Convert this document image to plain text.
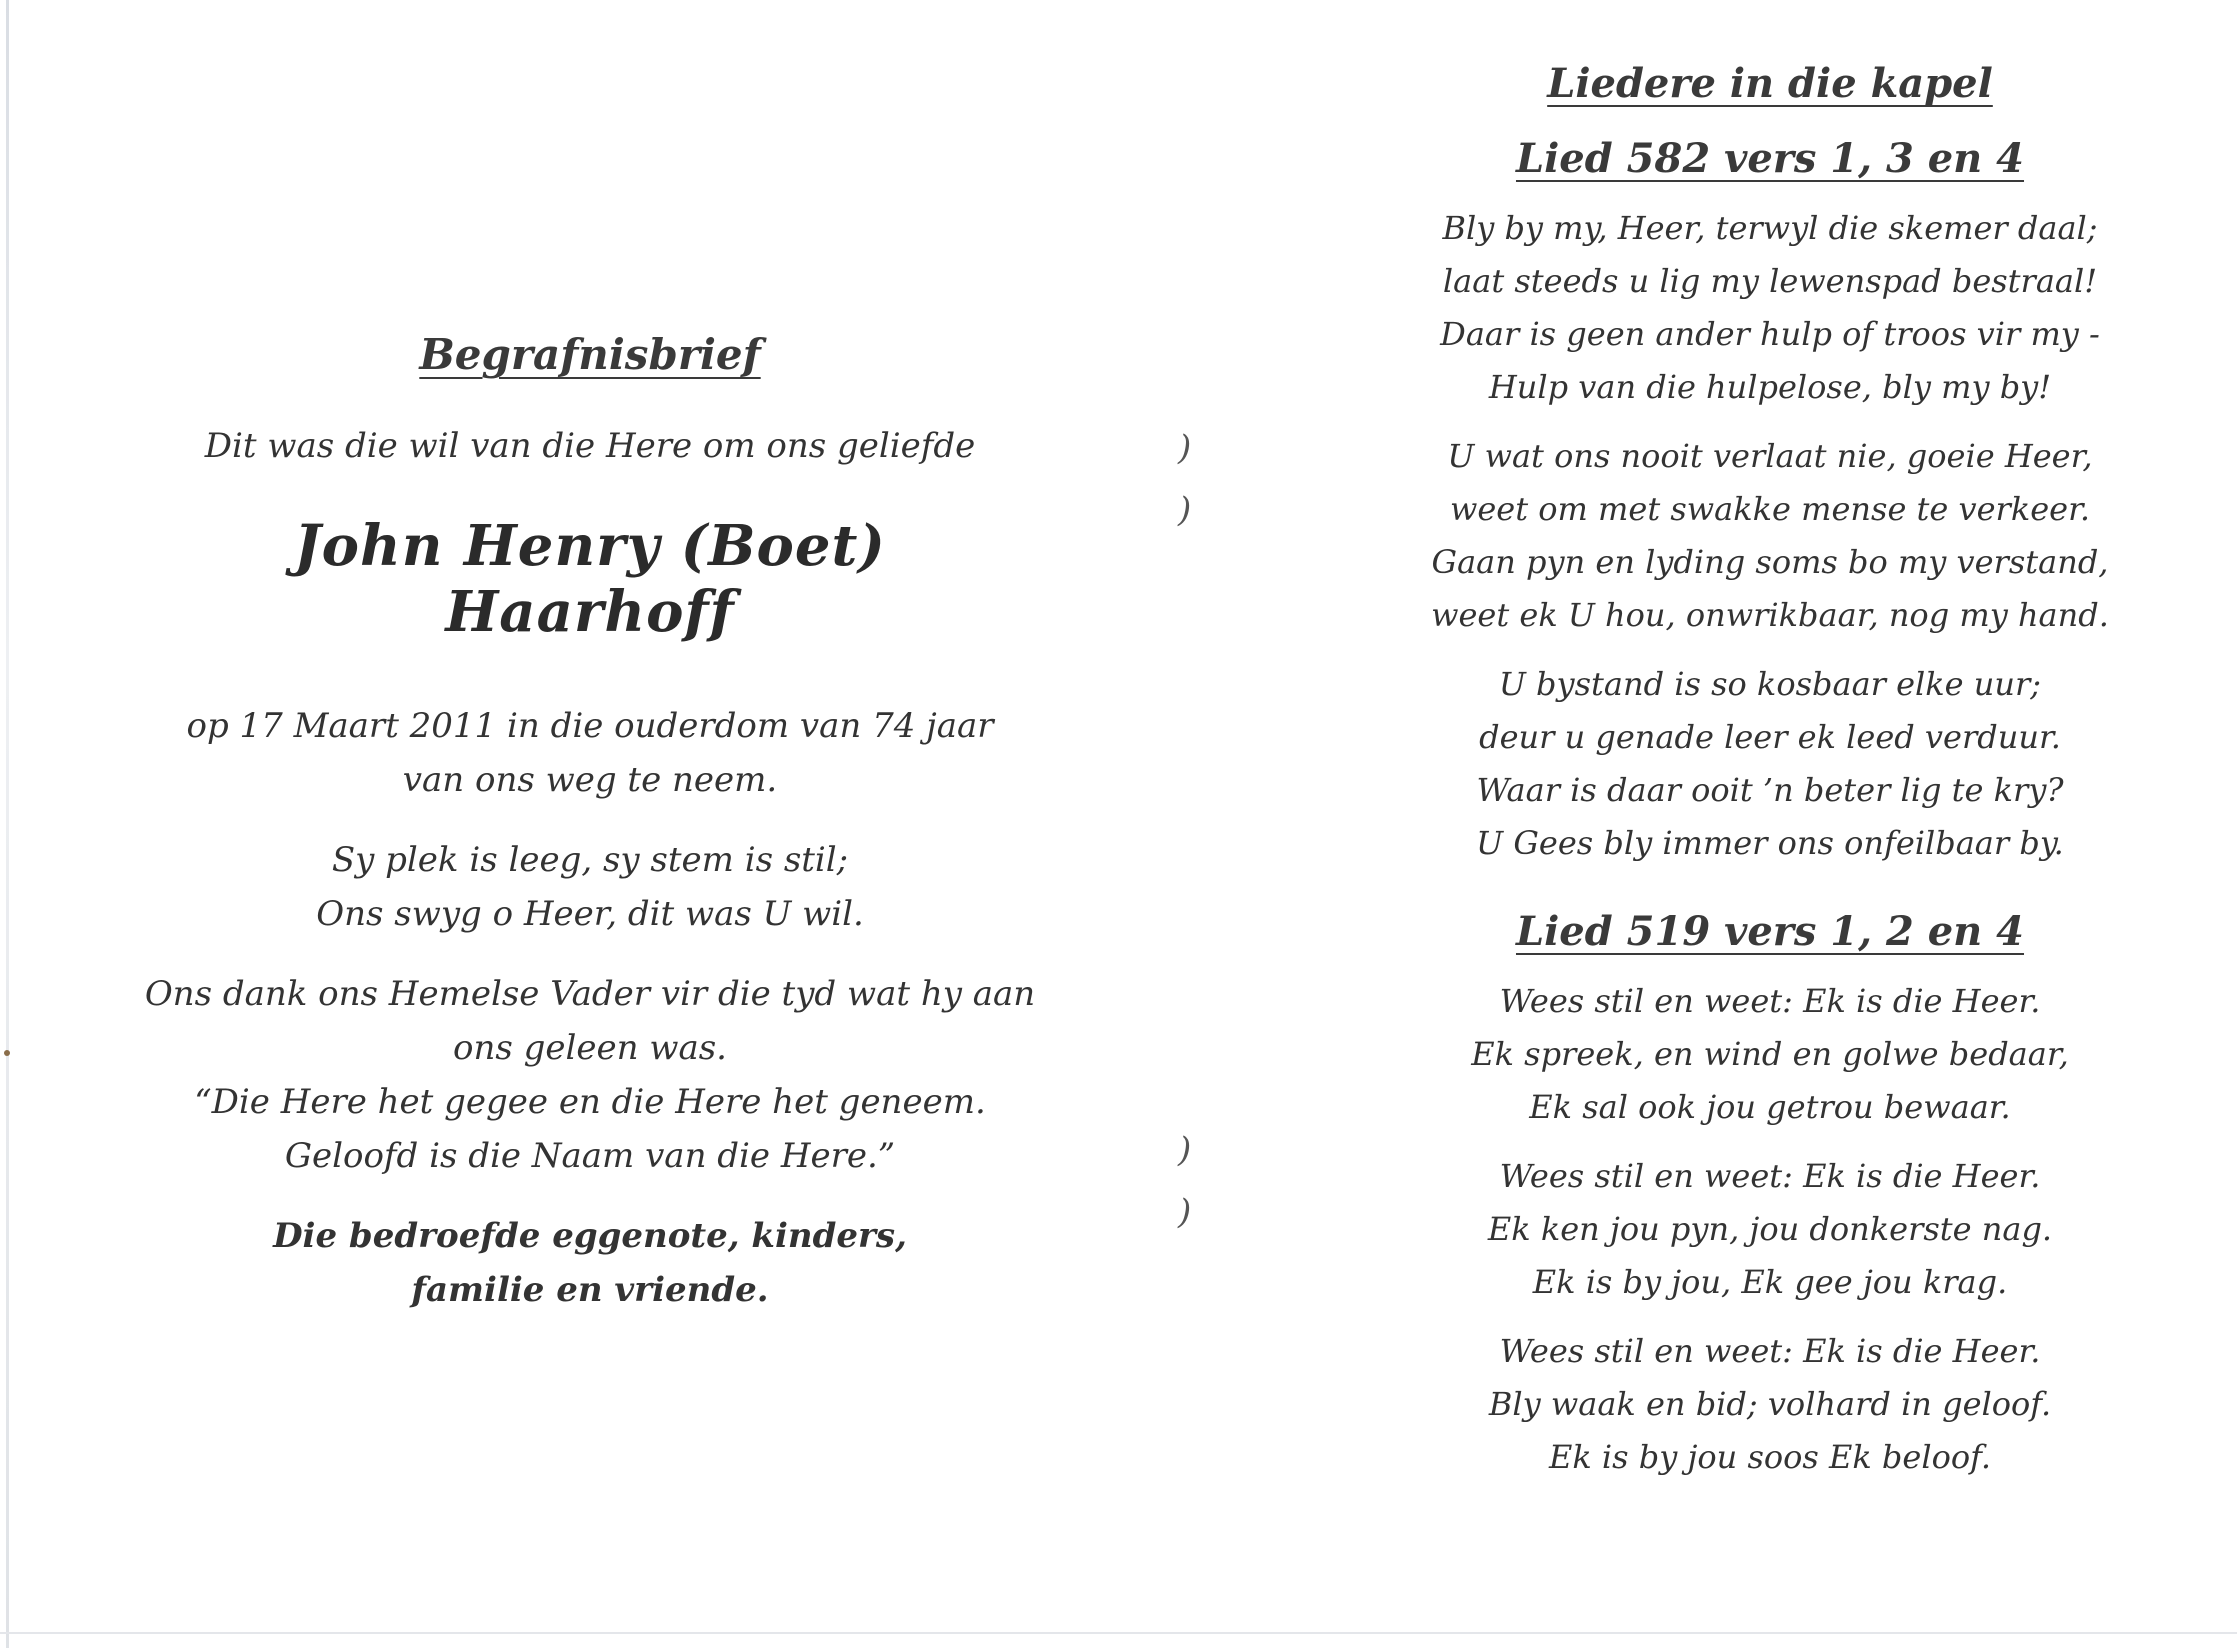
)
)
)
)
Begrafnisbrief

Dit was die wil van die Here om ons geliefde

John Henry (Boet) Haarhoff

op 17 Maart 2011 in die ouderdom van 74 jaar

van ons weg te neem.

Sy plek is leeg, sy stem is stil;

Ons swyg o Heer, dit was U wil.

Ons dank ons Hemelse Vader vir die tyd wat hy aan

ons geleen was.

“Die Here het gegee en die Here het geneem.

Geloofd is die Naam van die Here.”

Die bedroefde eggenote, kinders,

familie en vriende.

Liedere in die kapel
Lied 582 vers 1, 3 en 4

Bly by my, Heer, terwyl die skemer daal;

laat steeds u lig my lewenspad bestraal!

Daar is geen ander hulp of troos vir my -

Hulp van die hulpelose, bly my by!

U wat ons nooit verlaat nie, goeie Heer,

weet om met swakke mense te verkeer.

Gaan pyn en lyding soms bo my verstand,

weet ek U hou, onwrikbaar, nog my hand.

U bystand is so kosbaar elke uur;

deur u genade leer ek leed verduur.

Waar is daar ooit ’n beter lig te kry?

U Gees bly immer ons onfeilbaar by.

Lied 519 vers 1, 2 en 4

Wees stil en weet: Ek is die Heer.

Ek spreek, en wind en golwe bedaar,

Ek sal ook jou getrou bewaar.

Wees stil en weet: Ek is die Heer.

Ek ken jou pyn, jou donkerste nag.

Ek is by jou, Ek gee jou krag.

Wees stil en weet: Ek is die Heer.

Bly waak en bid; volhard in geloof.

Ek is by jou soos Ek beloof.
